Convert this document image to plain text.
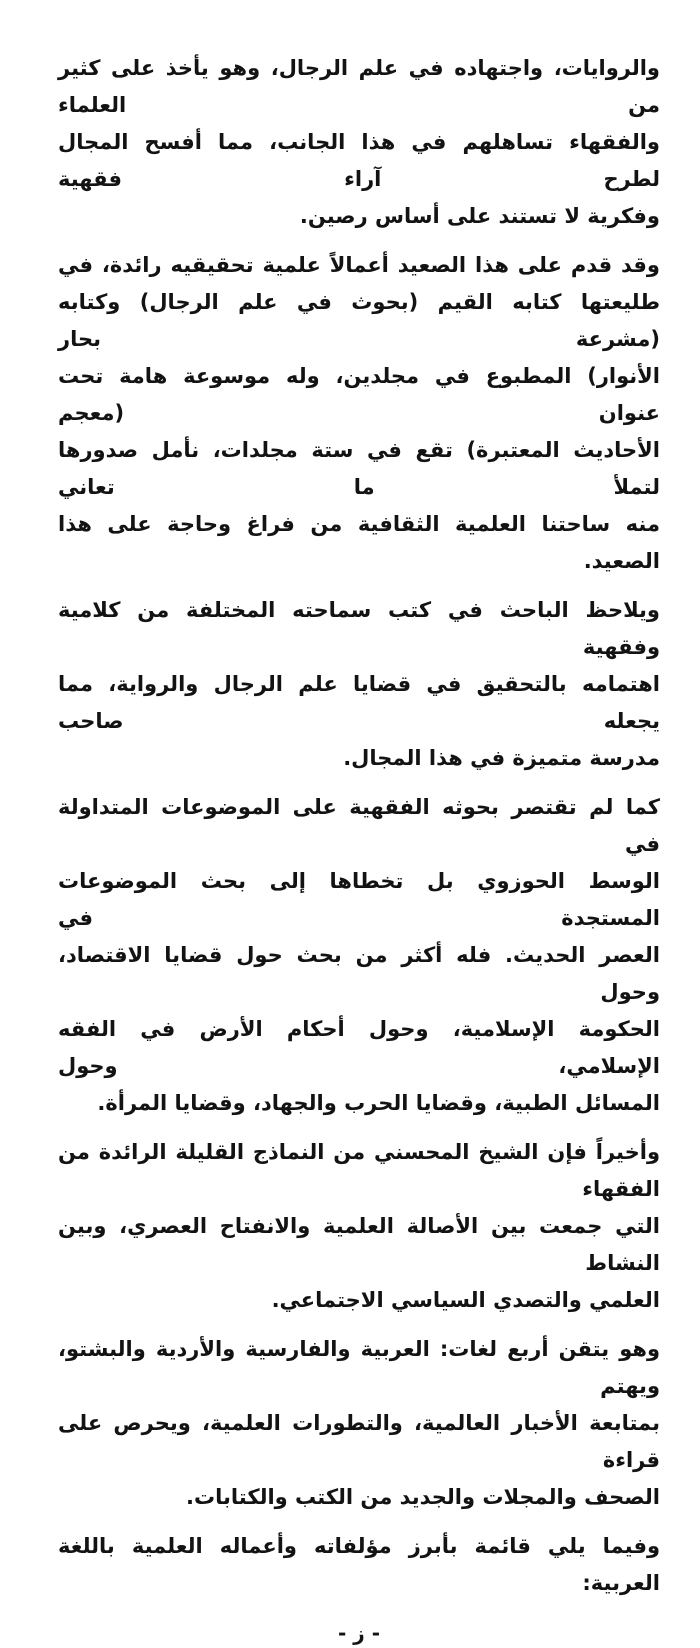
والروايات، واجتهاده في علم الرجال، وهو يأخذ على كثير من العلماء
والفقهاء تساهلهم في هذا الجانب، مما أفسح المجال لطرح آراء فقهية
وفكرية لا تستند على أساس رصين.

وقد قدم على هذا الصعيد أعمالاً علمية تحقيقيه رائدة، في
طليعتها كتابه القيم (بحوث في علم الرجال) وكتابه (مشرعة بحار
الأنوار) المطبوع في مجلدين، وله موسوعة هامة تحت عنوان (معجم
الأحاديث المعتبرة) تقع في ستة مجلدات، نأمل صدورها لتملأ ما تعاني
منه ساحتنا العلمية الثقافية من فراغ وحاجة على هذا الصعيد.

ويلاحظ الباحث في كتب سماحته المختلفة من كلامية وفقهية
اهتمامه بالتحقيق في قضايا علم الرجال والرواية، مما يجعله صاحب
مدرسة متميزة في هذا المجال.

كما لم تقتصر بحوثه الفقهية على الموضوعات المتداولة في
الوسط الحوزوي بل تخطاها إلى بحث الموضوعات المستجدة في
العصر الحديث. فله أكثر من بحث حول قضايا الاقتصاد، وحول
الحكومة الإسلامية، وحول أحكام الأرض في الفقه الإسلامي، وحول
المسائل الطبية، وقضايا الحرب والجهاد، وقضايا المرأة.

وأخيراً فإن الشيخ المحسني من النماذج القليلة الرائدة من الفقهاء
التي جمعت بين الأصالة العلمية والانفتاح العصري، وبين النشاط
العلمي والتصدي السياسي الاجتماعي.

وهو يتقن أربع لغات: العربية والفارسية والأردية والبشتو، ويهتم
بمتابعة الأخبار العالمية، والتطورات العلمية، ويحرص على قراءة
الصحف والمجلات والجديد من الكتب والكتابات.

وفيما يلي قائمة بأبرز مؤلفاته وأعماله العلمية باللغة العربية:

- ز -
